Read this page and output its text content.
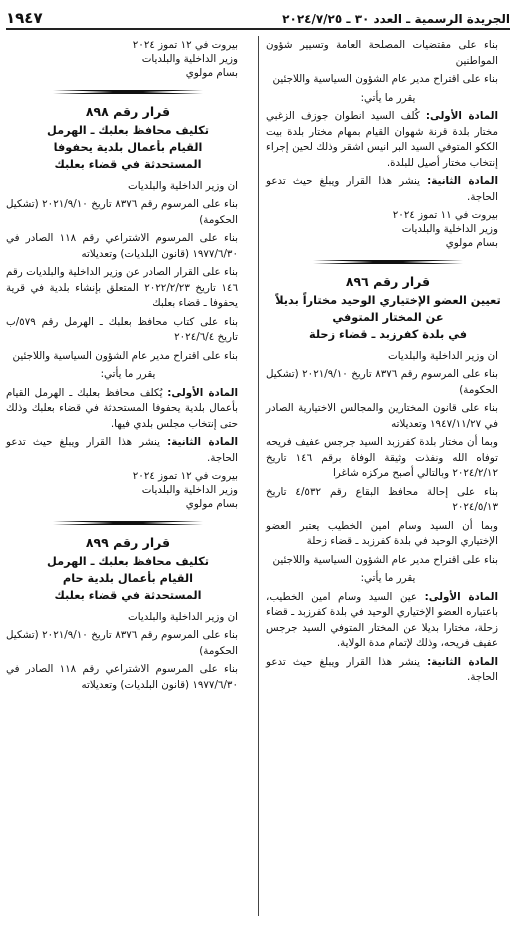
١٩٤٧	الجريدة الرسمية ـ العدد ٣٠ ـ ٢٠٢٤/٧/٢٥

بناء على مقتضيات المصلحة العامة وتسيير شؤون المواطنين

بناء على اقتراح مدير عام الشؤون السياسية واللاجئين

يقرر ما يأتي:

المادة الأولى: كُلف السيد انطوان جوزف الزغبي مختار بلدة قرنة شهوان القيام بمهام مختار بلدة بيت الككو المتوفي السيد البر انيس اشقر وذلك لحين إجراء إنتخاب مختار أصيل للبلدة.

المادة الثانية: ينشر هذا القرار ويبلغ حيث تدعو الحاجة.

بيروت في ١١ تموز ٢٠٢٤

وزير الداخلية والبلديات

بسام مولوي

قرار رقم ٨٩٦
تعيين العضو الإختياري الوحيد مختاراً بديلاً
عن المختار المتوفي
في بلدة كفرزبد ـ قضاء زحلة

ان وزير الداخلية والبلديات

بناء على المرسوم رقم ٨٣٧٦ تاريخ ٢٠٢١/٩/١٠ (تشكيل الحكومة)

بناء على قانون المختارين والمجالس الاختيارية الصادر في ١٩٤٧/١١/٢٧ وتعديلاته

وبما أن مختار بلدة كفرزبد السيد جرجس عفيف فريحه توفاه الله ونفذت وثيقة الوفاة برقم ١٤٦ تاريخ ٢٠٢٤/٢/١٢ وبالتالي أصبح مركزه شاغرا

بناء على إحالة محافظ البقاع رقم ٤/٥٣٢ تاريخ ٢٠٢٤/٥/١٣

وبما أن السيد وسام امين الخطيب يعتبر العضو الإختياري الوحيد في بلدة كفرزبد ـ قضاء زحلة

بناء على اقتراح مدير عام الشؤون السياسية واللاجئين

يقرر ما يأتي:

المادة الأولى: عين السيد وسام امين الخطيب، باعتباره العضو الإختياري الوحيد في بلدة كفرزبد ـ قضاء زحلة، مختارا بديلا عن المختار المتوفي السيد جرجس عفيف فريحه، وذلك لإتمام مدة الولاية.

المادة الثانية: ينشر هذا القرار ويبلغ حيث تدعو الحاجة.

بيروت في ١٢ تموز ٢٠٢٤

وزير الداخلية والبلديات

بسام مولوي

قرار رقم ٨٩٨
تكليف محافظ بعلبك ـ الهرمل
القيام بأعمال بلدية يحفوفا
المستحدثة في قضاء بعلبك

ان وزير الداخلية والبلديات

بناء على المرسوم رقم ٨٣٧٦ تاريخ ٢٠٢١/٩/١٠ (تشكيل الحكومة)

بناء على المرسوم الاشتراعي رقم ١١٨ الصادر في ١٩٧٧/٦/٣٠ (قانون البلديات) وتعديلاته

بناء على القرار الصادر عن وزير الداخلية والبلديات رقم ١٤٦ تاريخ ٢٠٢٢/٢/٢٣ المتعلق بإنشاء بلدية في قرية يحفوفا ـ قضاء بعلبك

بناء على كتاب محافظ بعلبك ـ الهرمل رقم ٥٧٩/ب تاريخ ٢٠٢٤/٦/٤

بناء على اقتراح مدير عام الشؤون السياسية واللاجئين

يقرر ما يأتي:

المادة الأولى: يُكلف محافظ بعلبك ـ الهرمل القيام بأعمال بلدية يحفوفا المستحدثة في قضاء بعلبك وذلك حتى إنتخاب مجلس بلدي فيها.

المادة الثانية: ينشر هذا القرار ويبلغ حيث تدعو الحاجة.

بيروت في ١٢ تموز ٢٠٢٤

وزير الداخلية والبلديات

بسام مولوي

قرار رقم ٨٩٩
تكليف محافظ بعلبك ـ الهرمل
القيام بأعمال بلدية حام
المستحدثة في قضاء بعلبك

ان وزير الداخلية والبلديات

بناء على المرسوم رقم ٨٣٧٦ تاريخ ٢٠٢١/٩/١٠ (تشكيل الحكومة)

بناء على المرسوم الاشتراعي رقم ١١٨ الصادر في ١٩٧٧/٦/٣٠ (قانون البلديات) وتعديلاته
